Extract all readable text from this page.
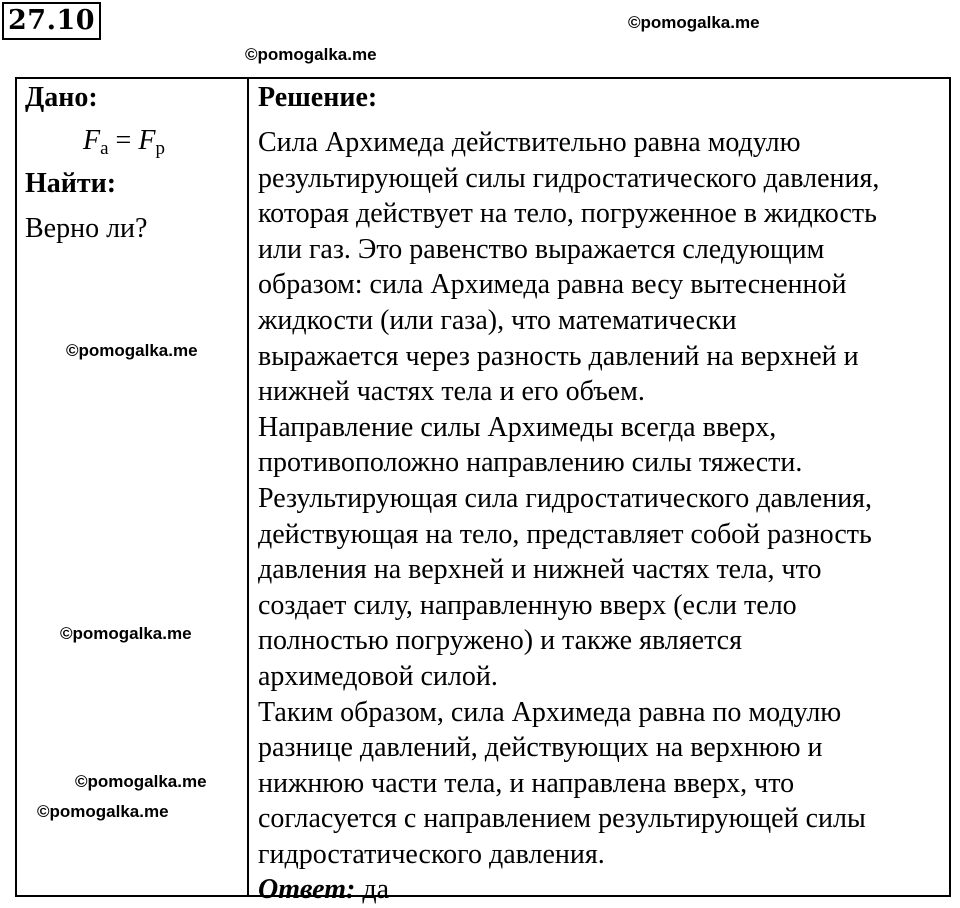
27.10	©pomogalka.me
©pomogalka.me
©pomogalka.me
©pomogalka.me
©pomogalka.me
©pomogalka.me
Дано:
$F_а = F_р$
Найти:
Верно ли?
Решение:
Сила Архимеда действительно равна модулю
результирующей силы гидростатического давления,
которая действует на тело, погруженное в жидкость
или газ. Это равенство выражается следующим
образом: сила Архимеда равна весу вытесненной
жидкости (или газа), что математически
выражается через разность давлений на верхней и
нижней частях тела и его объем.
Направление силы Архимеды всегда вверх,
противоположно направлению силы тяжести.
Результирующая сила гидростатического давления,
действующая на тело, представляет собой разность
давления на верхней и нижней частях тела, что
создает силу, направленную вверх (если тело
полностью погружено) и также является
архимедовой силой.
Таким образом, сила Архимеда равна по модулю
разнице давлений, действующих на верхнюю и
нижнюю части тела, и направлена вверх, что
согласуется с направлением результирующей силы
гидростатического давления.
Ответ: да
